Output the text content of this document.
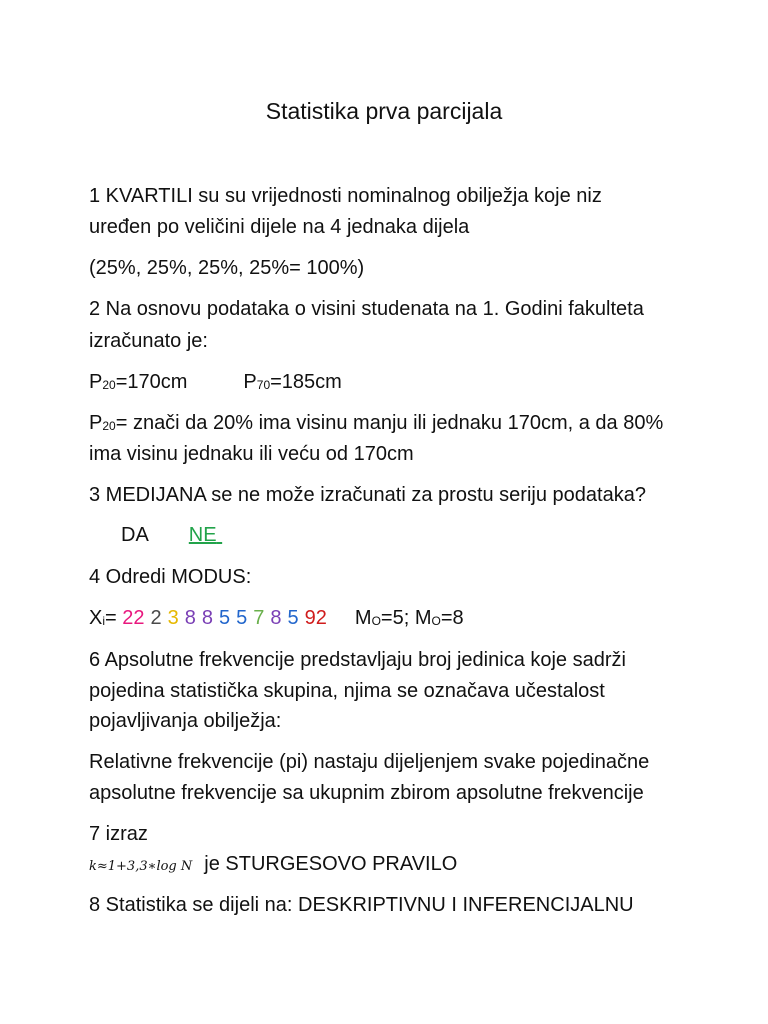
Statistika prva parcijala
1 KVARTILI su su vrijednosti nominalnog obilježja koje niz
uređen po veličini dijele na 4 jednaka dijela
(25%, 25%, 25%, 25%= 100%)
2 Na osnovu podataka o visini studenata na 1. Godini fakulteta
izračunato je:
$P_{20}=170cm$	$P_{70}=185cm$
$P_{20}=$ znači da 20% ima visinu manju ili jednaku 170cm, a da 80%
ima visinu jednaku ili veću od 170cm
3 MEDIJANA se ne može izračunati za prostu seriju podataka?
DA NE
4 Odredi MODUS:
$X_i= 22$ 2 3 8 8 5 5 7 8 5 92 $M_O=5$; $M_O=8$
6 Apsolutne frekvencije predstavljaju broj jedinica koje sadrži
pojedina statistička skupina, njima se označava učestalost
pojavljivanja obilježja:
Relativne frekvencije (pi) nastaju dijeljenjem svake pojedinačne
apsolutne frekvencije sa ukupnim zbirom apsolutne frekvencije
7 izraz
k≈1+3,3∗log N je STURGESOVO PRAVILO
8 Statistika se dijeli na: DESKRIPTIVNU I INFERENCIJALNU
